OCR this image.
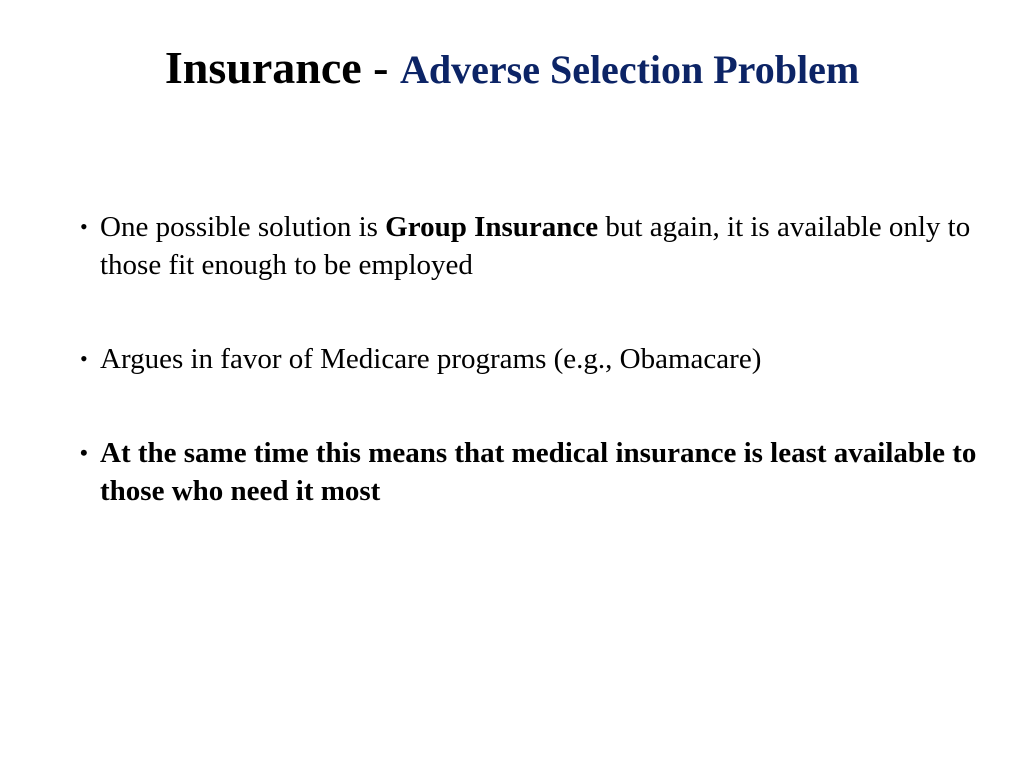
Insurance - Adverse Selection Problem
• One possible solution is Group Insurance but again, it is available only to those fit enough to be employed
• Argues in favor of Medicare programs (e.g., Obamacare)
• At the same time this means that medical insurance is least available to those who need it most
